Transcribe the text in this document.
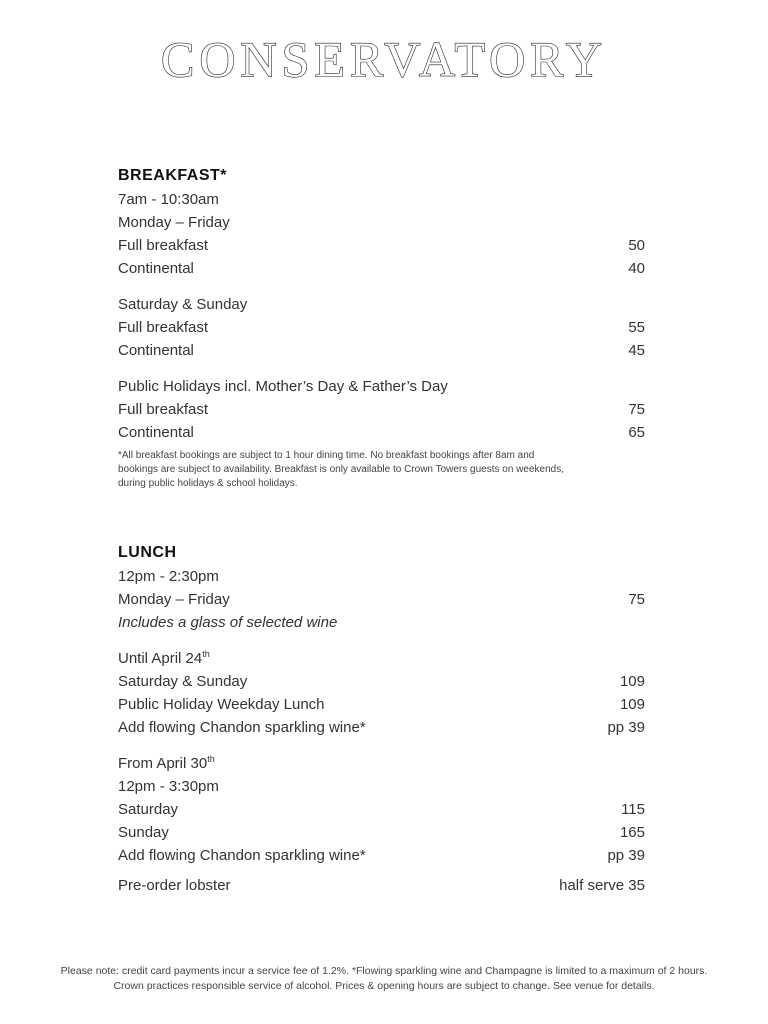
CONSERVATORY
BREAKFAST*
7am - 10:30am
Monday – Friday
Full breakfast	50
Continental	40
Saturday & Sunday
Full breakfast	55
Continental	45
Public Holidays incl. Mother’s Day & Father’s Day
Full breakfast	75
Continental	65
*All breakfast bookings are subject to 1 hour dining time. No breakfast bookings after 8am and bookings are subject to availability. Breakfast is only available to Crown Towers guests on weekends, during public holidays & school holidays.
LUNCH
12pm - 2:30pm
Monday – Friday	75
Includes a glass of selected wine
Until April 24th
Saturday & Sunday	109
Public Holiday Weekday Lunch	109
Add flowing Chandon sparkling wine*	pp 39
From April 30th
12pm - 3:30pm
Saturday	115
Sunday	165
Add flowing Chandon sparkling wine*	pp 39
Pre-order lobster	half serve 35
Please note: credit card payments incur a service fee of 1.2%. *Flowing sparkling wine and Champagne is limited to a maximum of 2 hours.
Crown practices responsible service of alcohol. Prices & opening hours are subject to change. See venue for details.
